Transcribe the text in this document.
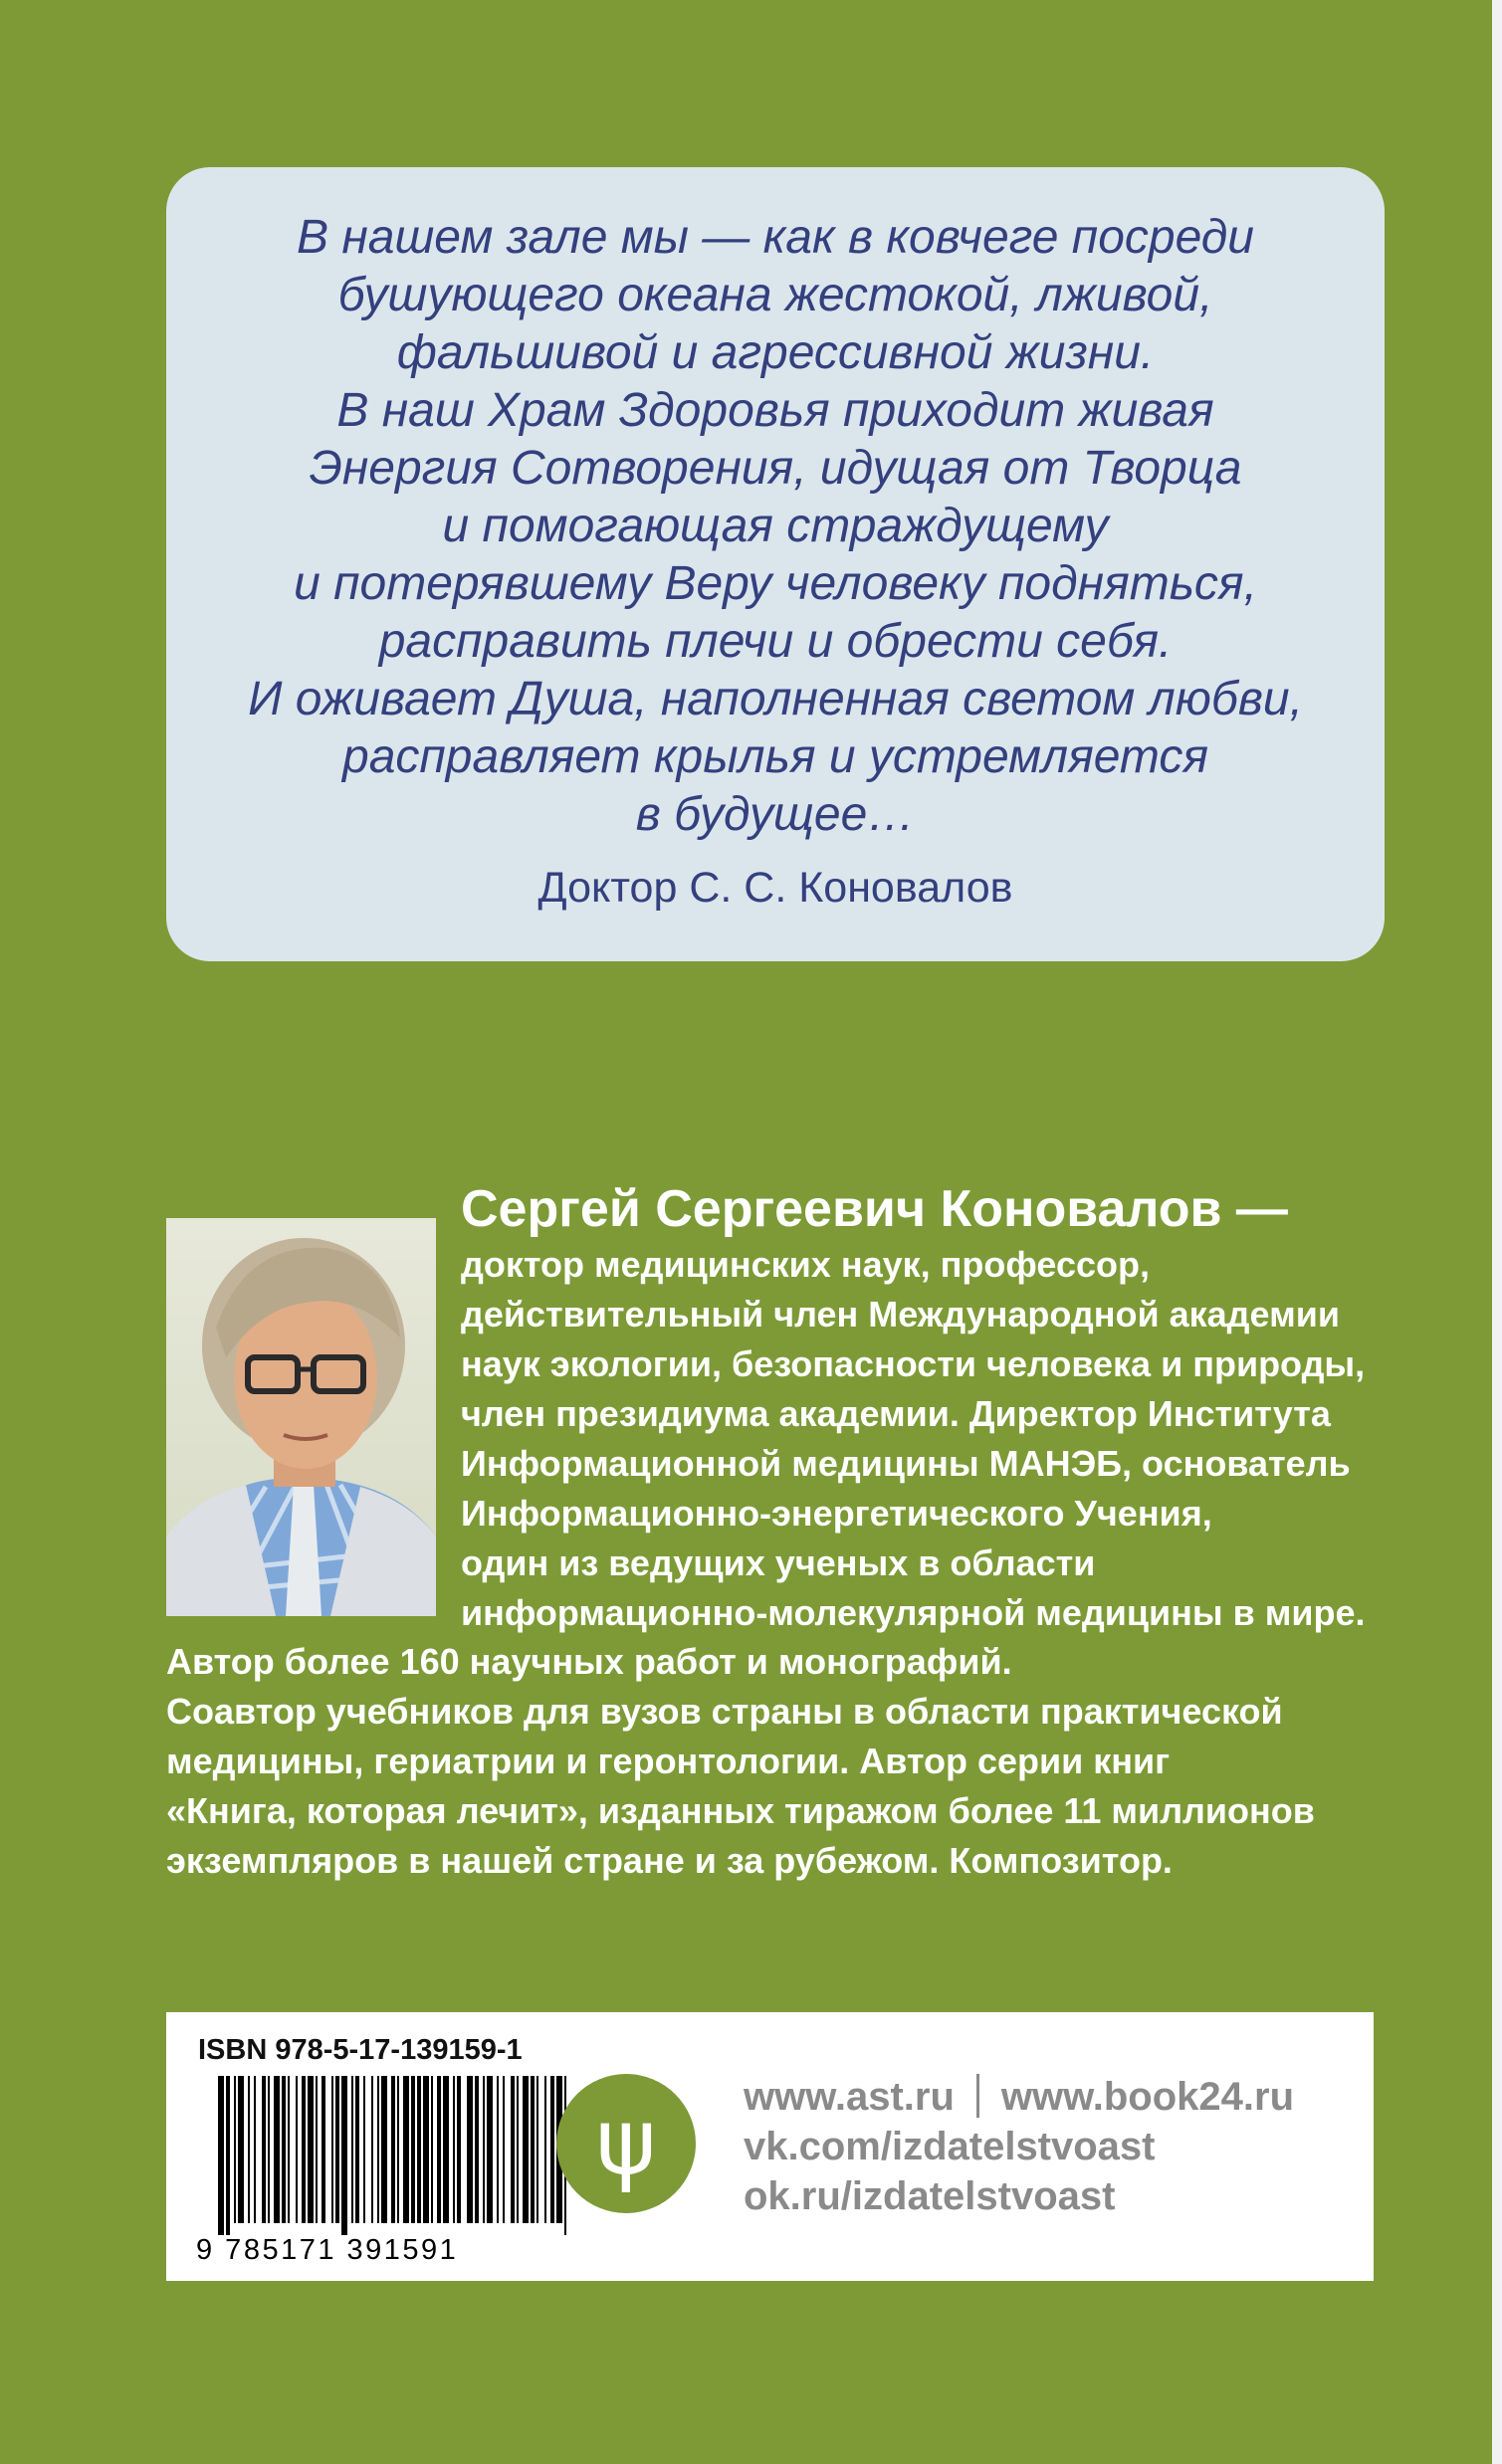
В нашем зале мы — как в ковчеге посреди
бушующего океана жестокой, лживой,
фальшивой и агрессивной жизни.
В наш Храм Здоровья приходит живая
Энергия Сотворения, идущая от Творца
и помогающая страждущему
и потерявшему Веру человеку подняться,
расправить плечи и обрести себя.
И оживает Душа, наполненная светом любви,
расправляет крылья и устремляется
в будущее…

Доктор С. С. Коновалов

Сергей Сергеевич Коновалов —
доктор медицинских наук, профессор,
действительный член Международной академии
наук экологии, безопасности человека и природы,
член президиума академии. Директор Института
Информационной медицины МАНЭБ, основатель
Информационно-энергетического Учения,
один из ведущих ученых в области
информационно-молекулярной медицины в мире.
Автор более 160 научных работ и монографий.
Соавтор учебников для вузов страны в области практической
медицины, гериатрии и геронтологии. Автор серии книг
«Книга, которая лечит», изданных тиражом более 11 миллионов
экземпляров в нашей стране и за рубежом. Композитор.
ISBN 978-5-17-139159-1
9 785171 391591
ψ www.ast.ru www.book24.ru
vk.com/izdatelstvoast
ok.ru/izdatelstvoast
